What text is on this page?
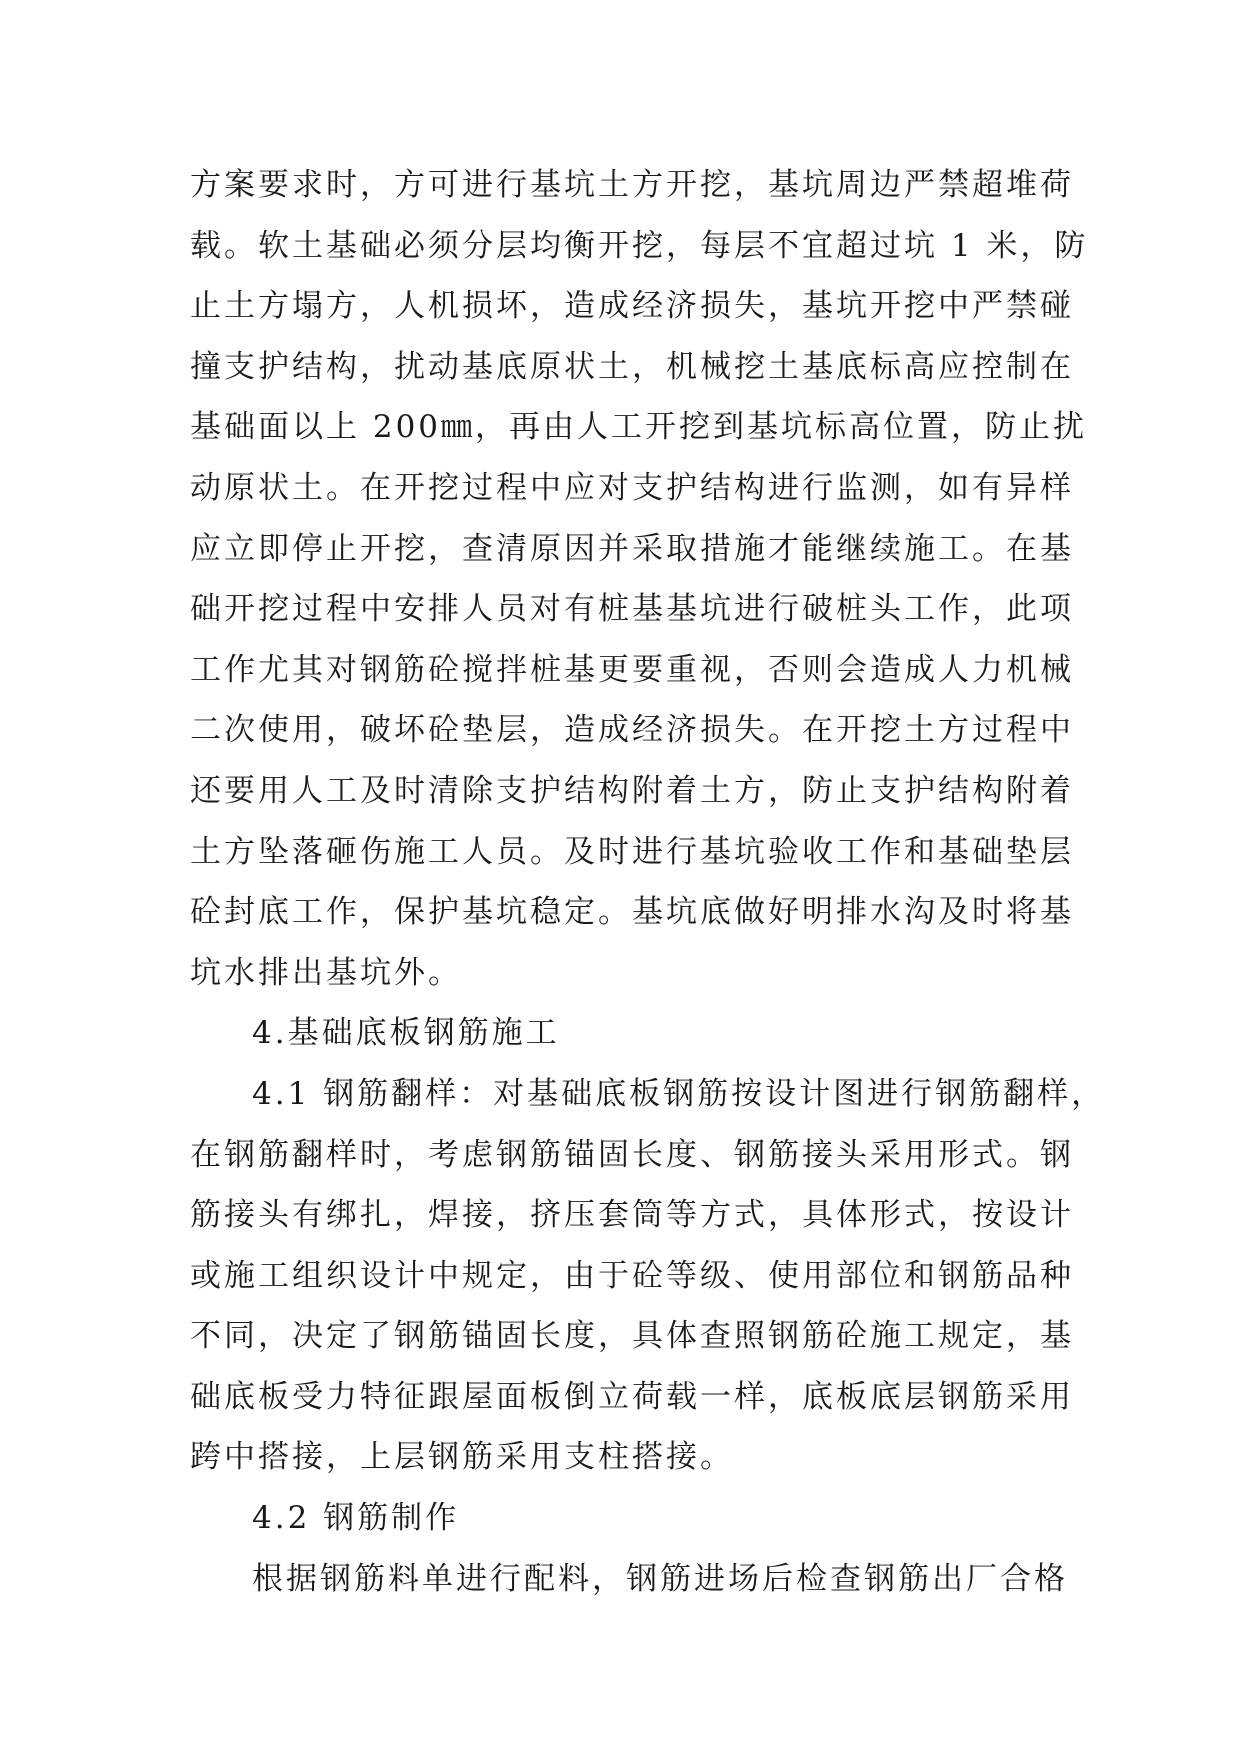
方案要求时，方可进行基坑土方开挖，基坑周边严禁超堆荷
载。软土基础必须分层均衡开挖，每层不宜超过坑 1 米，防
止土方塌方，人机损坏，造成经济损失，基坑开挖中严禁碰
撞支护结构，扰动基底原状土，机械挖土基底标高应控制在
基础面以上 200㎜，再由人工开挖到基坑标高位置，防止扰
动原状土。在开挖过程中应对支护结构进行监测，如有异样
应立即停止开挖，查清原因并采取措施才能继续施工。在基
础开挖过程中安排人员对有桩基基坑进行破桩头工作，此项
工作尤其对钢筋砼搅拌桩基更要重视，否则会造成人力机械
二次使用，破坏砼垫层，造成经济损失。在开挖土方过程中
还要用人工及时清除支护结构附着土方，防止支护结构附着
土方坠落砸伤施工人员。及时进行基坑验收工作和基础垫层
砼封底工作，保护基坑稳定。基坑底做好明排水沟及时将基
坑水排出基坑外。
4.基础底板钢筋施工
4.1 钢筋翻样：对基础底板钢筋按设计图进行钢筋翻样，
在钢筋翻样时，考虑钢筋锚固长度、钢筋接头采用形式。钢
筋接头有绑扎，焊接，挤压套筒等方式，具体形式，按设计
或施工组织设计中规定，由于砼等级、使用部位和钢筋品种
不同，决定了钢筋锚固长度，具体查照钢筋砼施工规定，基
础底板受力特征跟屋面板倒立荷载一样，底板底层钢筋采用
跨中搭接，上层钢筋采用支柱搭接。
4.2 钢筋制作
根据钢筋料单进行配料，钢筋进场后检查钢筋出厂合格
